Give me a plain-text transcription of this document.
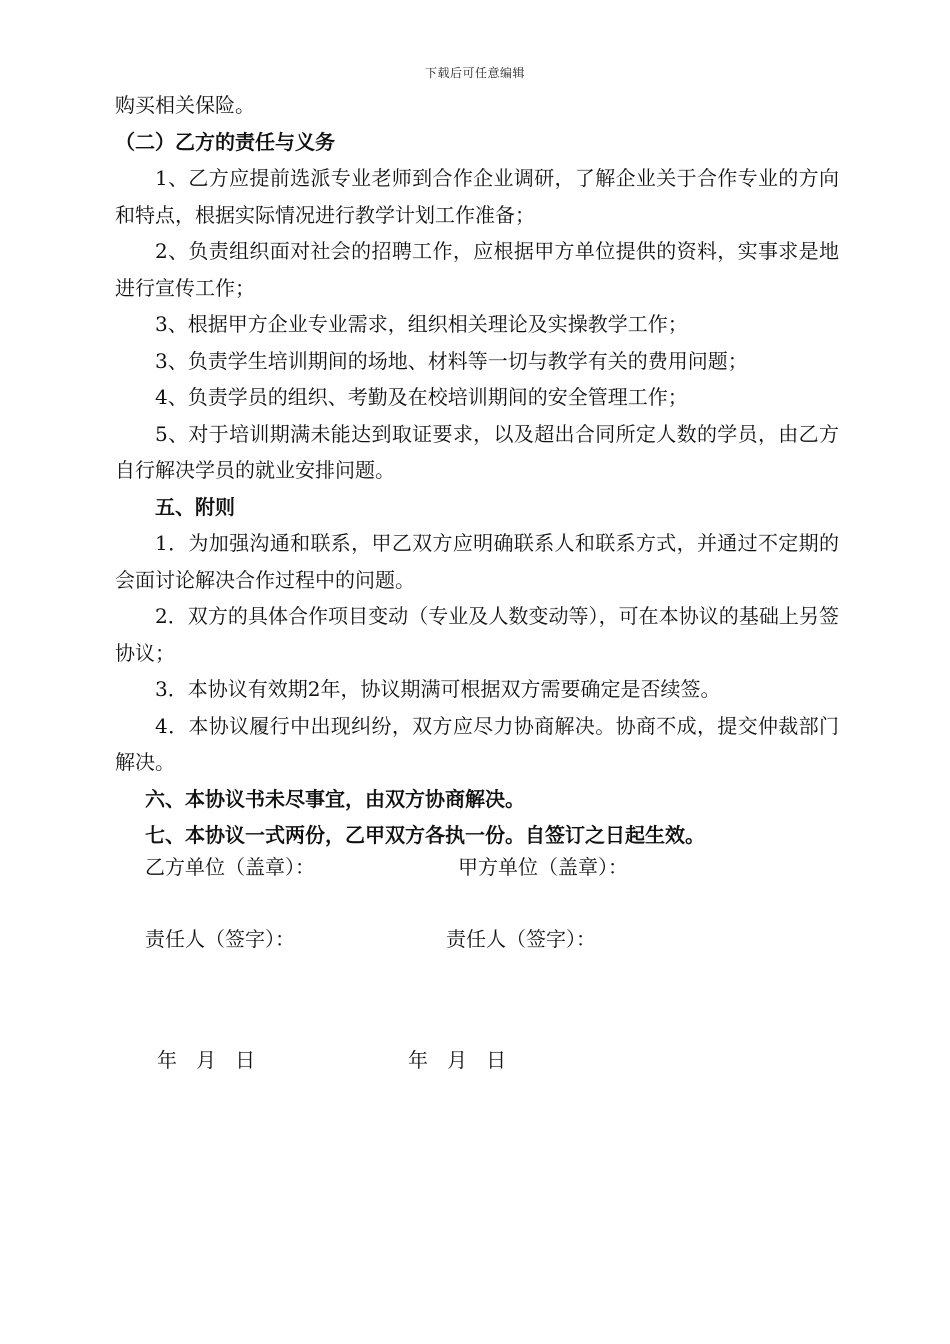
下载后可任意编辑

购买相关保险。

（二）乙方的责任与义务

1、乙方应提前选派专业老师到合作企业调研，了解企业关于合作专业的方向和特点，根据实际情况进行教学计划工作准备；

2、负责组织面对社会的招聘工作，应根据甲方单位提供的资料，实事求是地进行宣传工作；

3、根据甲方企业专业需求，组织相关理论及实操教学工作；

3、负责学生培训期间的场地、材料等一切与教学有关的费用问题；

4、负责学员的组织、考勤及在校培训期间的安全管理工作；

5、对于培训期满未能达到取证要求，以及超出合同所定人数的学员，由乙方自行解决学员的就业安排问题。

五、附则

1．为加强沟通和联系，甲乙双方应明确联系人和联系方式，并通过不定期的会面讨论解决合作过程中的问题。

2．双方的具体合作项目变动（专业及人数变动等），可在本协议的基础上另签协议；

3．本协议有效期2年，协议期满可根据双方需要确定是否续签。

4．本协议履行中出现纠纷，双方应尽力协商解决。协商不成，提交仲裁部门解决。

六、本协议书未尽事宜，由双方协商解决。

七、本协议一式两份，乙甲双方各执一份。自签订之日起生效。

乙方单位（盖章）：	甲方单位（盖章）：
责任人（签字）：	责任人（签字）：

年   月   日

	年   月   日
